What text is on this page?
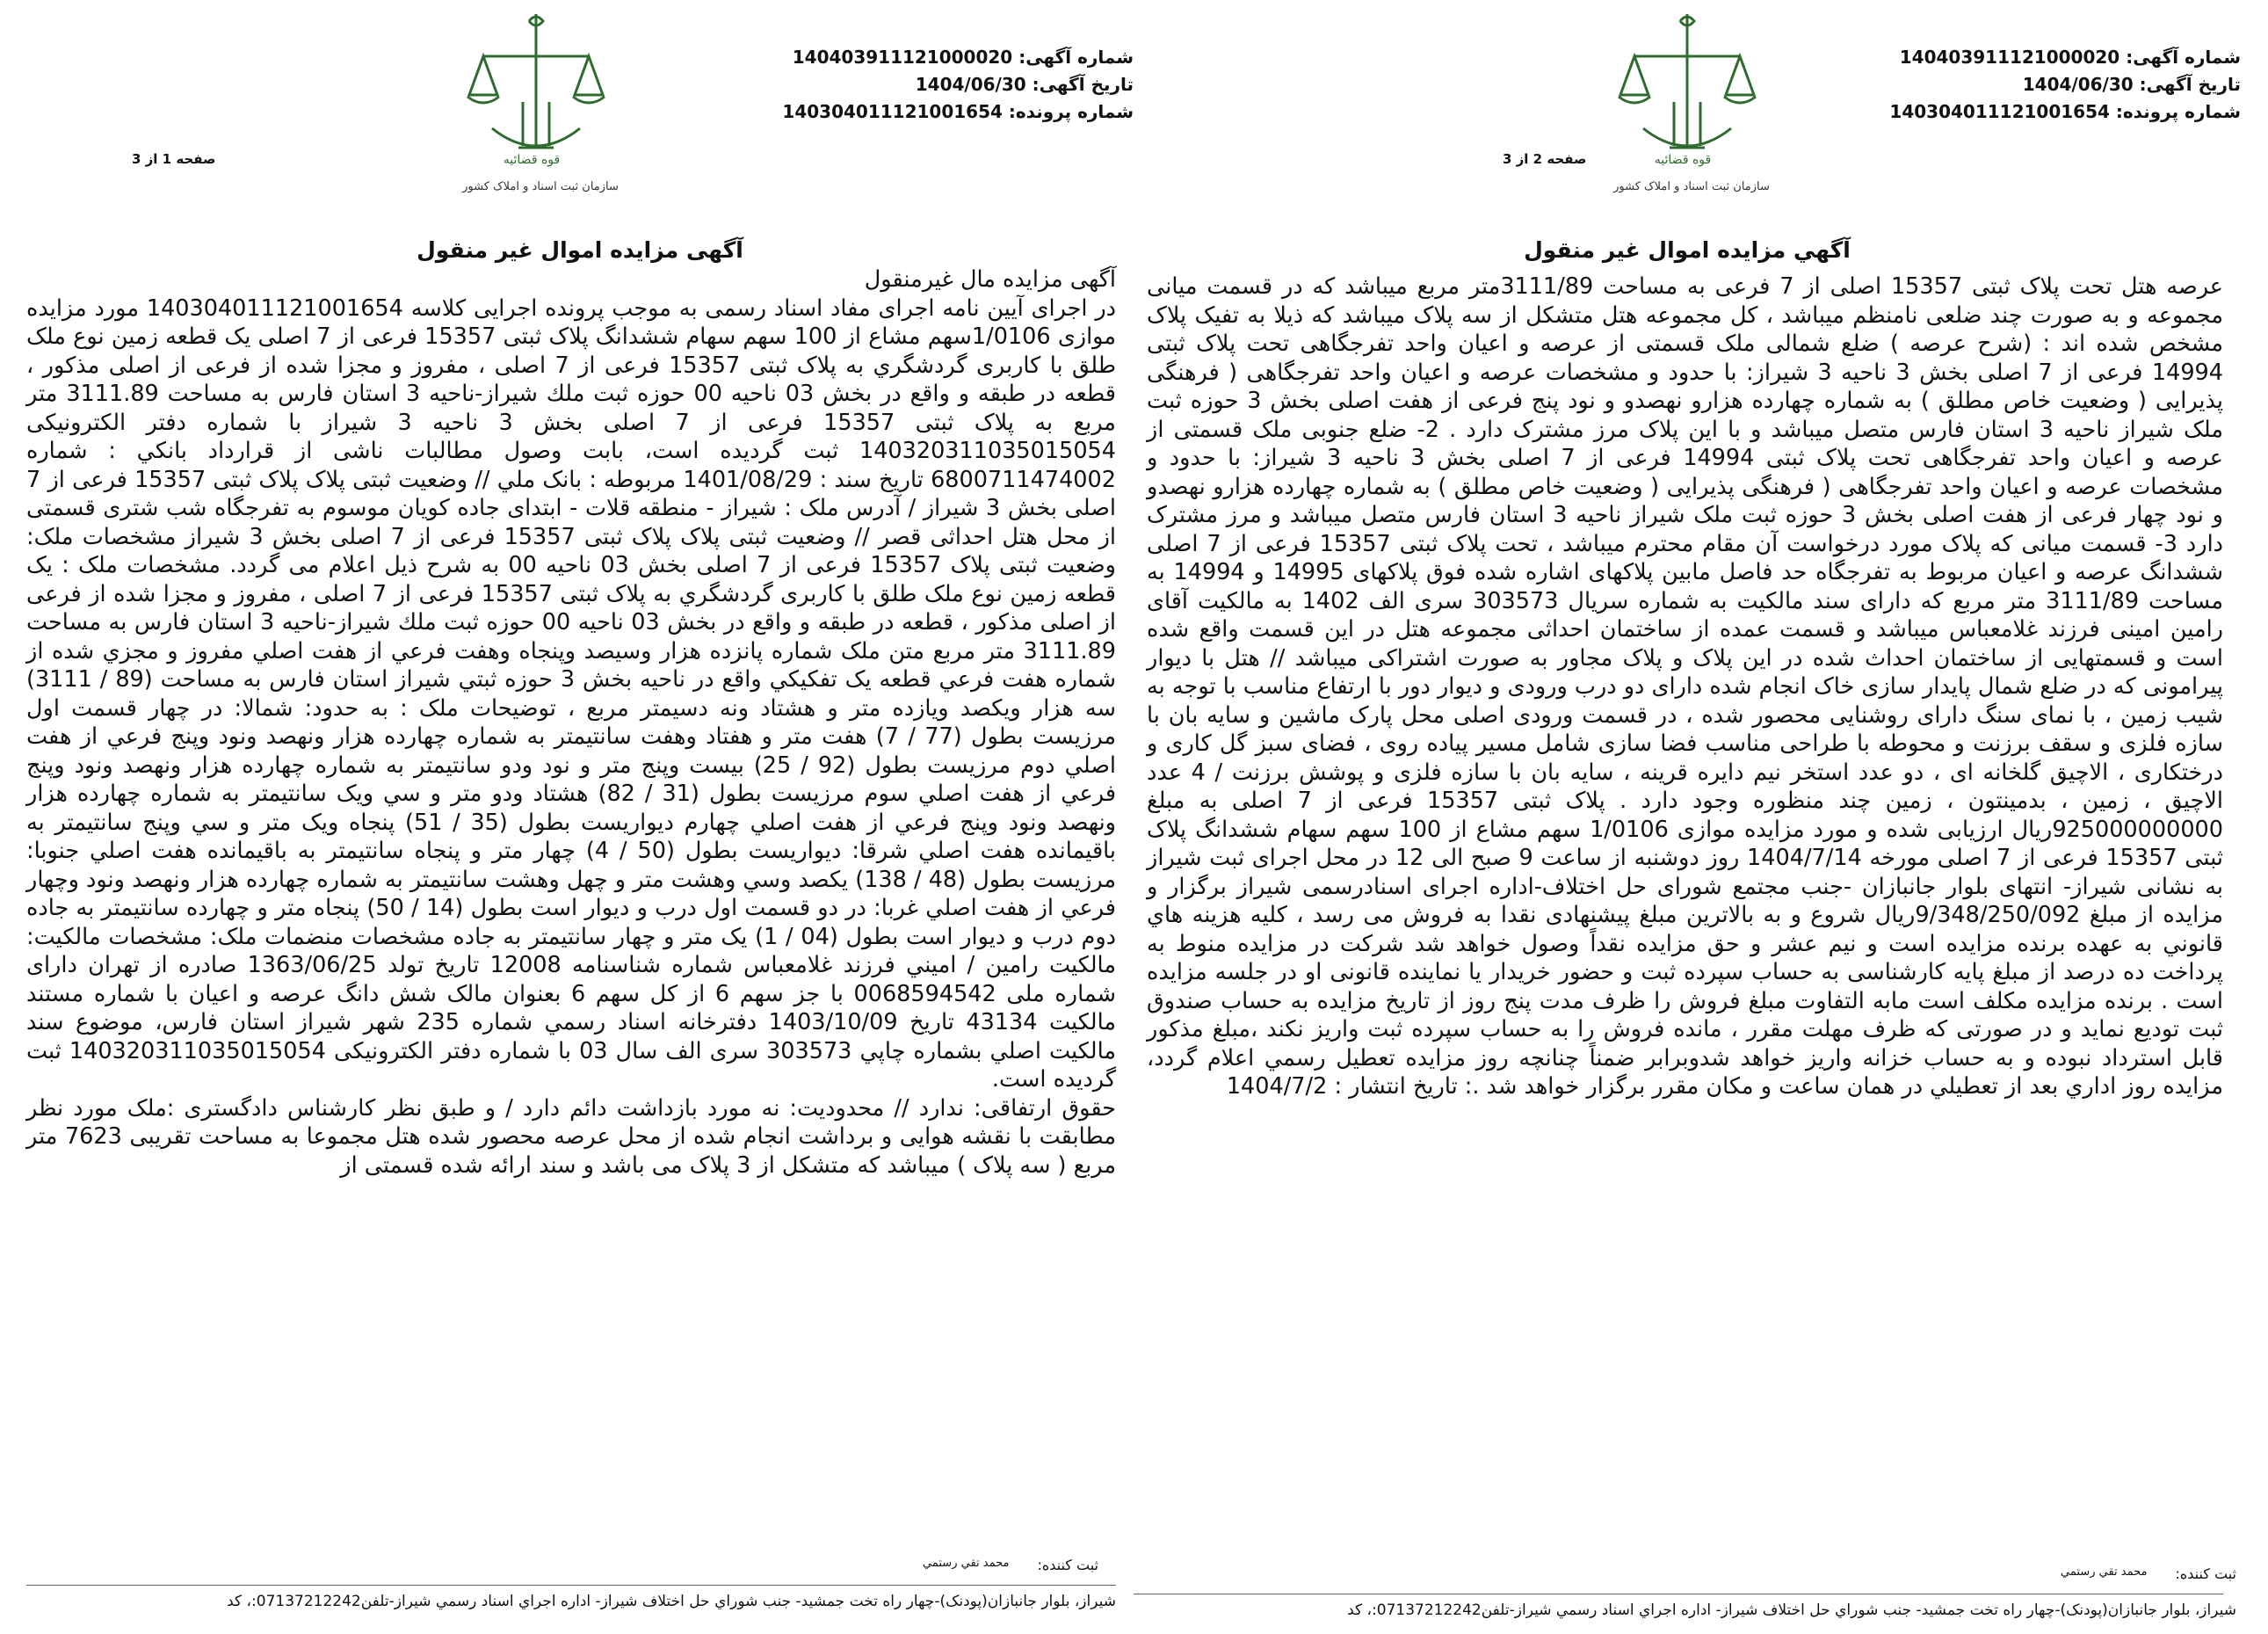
شماره آگهی: 140403911121000020
تاریخ آگهی: 1404/06/30
شماره پرونده: 140304011121001654
قوه قضائیه
سازمان ثبت اسناد و املاک کشور
صفحه 1 از 3
آگهی مزایده اموال غیر منقول

آگهی مزایده مال غیرمنقول

در اجرای آیین نامه اجرای مفاد اسناد رسمی به موجب پرونده اجرایی کلاسه 140304011121001654 مورد مزایده موازی 1/0106سهم مشاع از 100 سهم سهام ششدانگ پلاک ثبتی 15357 فرعی از 7 اصلی یک قطعه زمین نوع ملک طلق با کاربری گردشگري به پلاک ثبتی 15357 فرعی از 7 اصلی ، مفروز و مجزا شده از فرعی از اصلی مذکور ، قطعه در طبقه و واقع در بخش 03 ناحیه 00 حوزه ثبت ملك شیراز-ناحیه 3 استان فارس به مساحت 3111.89 متر مربع به پلاک ثبتی 15357 فرعی از 7 اصلی بخش 3 ناحیه 3 شیراز با شماره دفتر الکترونیکی 140320311035015054 ثبت گردیده است، بابت وصول مطالبات ناشی از قرارداد بانکي : شماره 6800711474002 تاریخ سند : 1401/08/29 مربوطه : بانک ملي // وضعیت ثبتی پلاک پلاک ثبتی 15357 فرعی از 7 اصلی بخش 3 شیراز / آدرس ملک : شیراز - منطقه قلات - ابتدای جاده کویان موسوم به تفرجگاه شب شتری قسمتی از محل هتل احداثی قصر // وضعیت ثبتی پلاک پلاک ثبتی 15357 فرعی از 7 اصلی بخش 3 شیراز مشخصات ملک: وضعیت ثبتی پلاک 15357 فرعی از 7 اصلی بخش 03 ناحیه 00 به شرح ذیل اعلام می گردد. مشخصات ملک : یک قطعه زمین نوع ملک طلق با کاربری گردشگري به پلاک ثبتی 15357 فرعی از 7 اصلی ، مفروز و مجزا شده از فرعی از اصلی مذکور ، قطعه در طبقه و واقع در بخش 03 ناحیه 00 حوزه ثبت ملك شیراز-ناحیه 3 استان فارس به مساحت 3111.89 متر مربع متن ملک شماره پانزده هزار وسیصد وپنجاه وهفت فرعي از هفت اصلي مفروز و مجزي شده از شماره هفت فرعي قطعه یک تفکیکي واقع در ناحیه بخش 3 حوزه ثبتي شیراز استان فارس به مساحت (89 / 3111) سه هزار ویکصد ویازده متر و هشتاد ونه دسیمتر مربع ، توضیحات ملک : به حدود: شمالا: در چهار قسمت اول مرزیست بطول (77 / 7) هفت متر و هفتاد وهفت سانتیمتر به شماره چهارده هزار ونهصد ونود وپنج فرعي از هفت اصلي دوم مرزیست بطول (92 / 25) بیست وپنج متر و نود ودو سانتیمتر به شماره چهارده هزار ونهصد ونود وپنج فرعي از هفت اصلي سوم مرزیست بطول (31 / 82) هشتاد ودو متر و سي ویک سانتیمتر به شماره چهارده هزار ونهصد ونود وپنج فرعي از هفت اصلي چهارم دیواریست بطول (35 / 51) پنجاه ویک متر و سي وپنج سانتیمتر به باقیمانده هفت اصلي شرقا: دیواریست بطول (50 / 4) چهار متر و پنجاه سانتیمتر به باقیمانده هفت اصلي جنوبا: مرزیست بطول (48 / 138) یکصد وسي وهشت متر و چهل وهشت سانتیمتر به شماره چهارده هزار ونهصد ونود وچهار فرعي از هفت اصلي غربا: در دو قسمت اول درب و دیوار است بطول (14 / 50) پنجاه متر و چهارده سانتیمتر به جاده دوم درب و دیوار است بطول (04 / 1) یک متر و چهار سانتیمتر به جاده مشخصات منضمات ملک: مشخصات مالکیت: مالکیت رامین / امیني فرزند غلامعباس شماره شناسنامه 12008 تاریخ تولد 1363/06/25 صادره از تهران دارای شماره ملی 0068594542 با جز سهم 6 از کل سهم 6 بعنوان مالک شش دانگ عرصه و اعیان با شماره مستند مالکیت 43134 تاریخ 1403/10/09 دفترخانه اسناد رسمي شماره 235 شهر شیراز استان فارس، موضوع سند مالکیت اصلي بشماره چاپي 303573 سری الف سال 03 با شماره دفتر الکترونیکی 140320311035015054 ثبت گردیده است.

حقوق ارتفاقی: ندارد // محدودیت: نه مورد بازداشت دائم دارد / و طبق نظر کارشناس دادگستری :ملک مورد نظر مطابقت با نقشه هوایی و برداشت انجام شده از محل عرصه محصور شده هتل مجموعا به مساحت تقریبی 7623 متر مربع ( سه پلاک ) میباشد که متشکل از 3 پلاک می باشد و سند ارائه شده قسمتی از

ثبت کننده:
محمد تقي رستمي
شیراز، بلوار جانبازان(پودنک)-چهار راه تخت جمشید- جنب شوراي حل اختلاف شیراز- اداره اجراي اسناد رسمي شیراز-تلفن07137212242:، کد
شماره آگهی: 140403911121000020
تاریخ آگهی: 1404/06/30
شماره پرونده: 140304011121001654
قوه قضائیه
سازمان ثبت اسناد و املاک کشور
صفحه 2 از 3
آگهي مزایده اموال غیر منقول

عرصه هتل تحت پلاک ثبتی 15357 اصلی از 7 فرعی به مساحت 3111/89متر مربع میباشد که در قسمت میانی مجموعه و به صورت چند ضلعی نامنظم میباشد ، کل مجموعه هتل متشکل از سه پلاک میباشد که ذیلا به تفیک پلاک مشخص شده اند : (شرح عرصه ) ضلع شمالی ملک قسمتی از عرصه و اعیان واحد تفرجگاهی تحت پلاک ثبتی 14994 فرعی از 7 اصلی بخش 3 ناحیه 3 شیراز: با حدود و مشخصات عرصه و اعیان واحد تفرجگاهی ( فرهنگی پذیرایی ( وضعیت خاص مطلق ) به شماره چهارده هزارو نهصدو و نود پنج فرعی از هفت اصلی بخش 3 حوزه ثبت ملک شیراز ناحیه 3 استان فارس متصل میباشد و با این پلاک مرز مشترک دارد . 2- ضلع جنوبی ملک قسمتی از عرصه و اعیان واحد تفرجگاهی تحت پلاک ثبتی 14994 فرعی از 7 اصلی بخش 3 ناحیه 3 شیراز: با حدود و مشخصات عرصه و اعیان واحد تفرجگاهی ( فرهنگی پذیرایی ( وضعیت خاص مطلق ) به شماره چهارده هزارو نهصدو و نود چهار فرعی از هفت اصلی بخش 3 حوزه ثبت ملک شیراز ناحیه 3 استان فارس متصل میباشد و مرز مشترک دارد 3- قسمت میانی که پلاک مورد درخواست آن مقام محترم میباشد ، تحت پلاک ثبتی 15357 فرعی از 7 اصلی ششدانگ عرصه و اعیان مربوط به تفرجگاه حد فاصل مابین پلاکهای اشاره شده فوق پلاکهای 14995 و 14994 به مساحت 3111/89 متر مربع که دارای سند مالکیت به شماره سریال 303573 سری الف 1402 به مالکیت آقای رامین امینی فرزند غلامعباس میباشد و قسمت عمده از ساختمان احداثی مجموعه هتل در این قسمت واقع شده است و قسمتهایی از ساختمان احداث شده در این پلاک و پلاک مجاور به صورت اشتراکی میباشد // هتل با دیوار پیرامونی که در ضلع شمال پایدار سازی خاک انجام شده دارای دو درب ورودی و دیوار دور با ارتفاع مناسب با توجه به شیب زمین ، با نمای سنگ دارای روشنایی محصور شده ، در قسمت ورودی اصلی محل پارک ماشین و سایه بان با سازه فلزی و سقف برزنت و محوطه با طراحی مناسب فضا سازی شامل مسیر پیاده روی ، فضای سبز گل کاری و درختکاری ، الاچیق گلخانه ای ، دو عدد استخر نیم دایره قرینه ، سایه بان با سازه فلزی و پوشش برزنت / 4 عدد الاچیق ، زمین ، بدمینتون ، زمین چند منظوره وجود دارد . پلاک ثبتی 15357 فرعی از 7 اصلی به مبلغ 925000000000ریال ارزیابی شده و مورد مزایده موازی 1/0106 سهم مشاع از 100 سهم سهام ششدانگ پلاک ثبتی 15357 فرعی از 7 اصلی مورخه 1404/7/14 روز دوشنبه از ساعت 9 صبح الی 12 در محل اجرای ثبت شیراز به نشانی شیراز- انتهای بلوار جانبازان -جنب مجتمع شورای حل اختلاف-اداره اجرای اسنادرسمی شیراز برگزار و مزایده از مبلغ 9/348/250/092ریال شروع و به بالاترین مبلغ پیشنهادی نقدا به فروش می رسد ، کلیه هزینه هاي قانوني به عهده برنده مزایده است و نیم عشر و حق مزایده نقداً وصول خواهد شد شرکت در مزایده منوط به پرداخت ده درصد از مبلغ پایه کارشناسی به حساب سپرده ثبت و حضور خریدار یا نماینده قانونی او در جلسه مزایده است . برنده مزایده مکلف است مابه التفاوت مبلغ فروش را ظرف مدت پنج روز از تاریخ مزایده به حساب صندوق ثبت تودیع نماید و در صورتی که ظرف مهلت مقرر ، مانده فروش را به حساب سپرده ثبت واریز نکند ،مبلغ مذکور قابل استرداد نبوده و به حساب خزانه واریز خواهد شدوبرابر ضمناً چنانچه روز مزایده تعطیل رسمي اعلام گردد، مزایده روز اداري بعد از تعطیلي در همان ساعت و مکان مقرر برگزار خواهد شد .: تاریخ انتشار : 1404/7/2

ثبت کننده:
محمد تقي رستمي
شیراز، بلوار جانبازان(پودنک)-چهار راه تخت جمشید- جنب شوراي حل اختلاف شیراز- اداره اجراي اسناد رسمي شیراز-تلفن07137212242:، کد
